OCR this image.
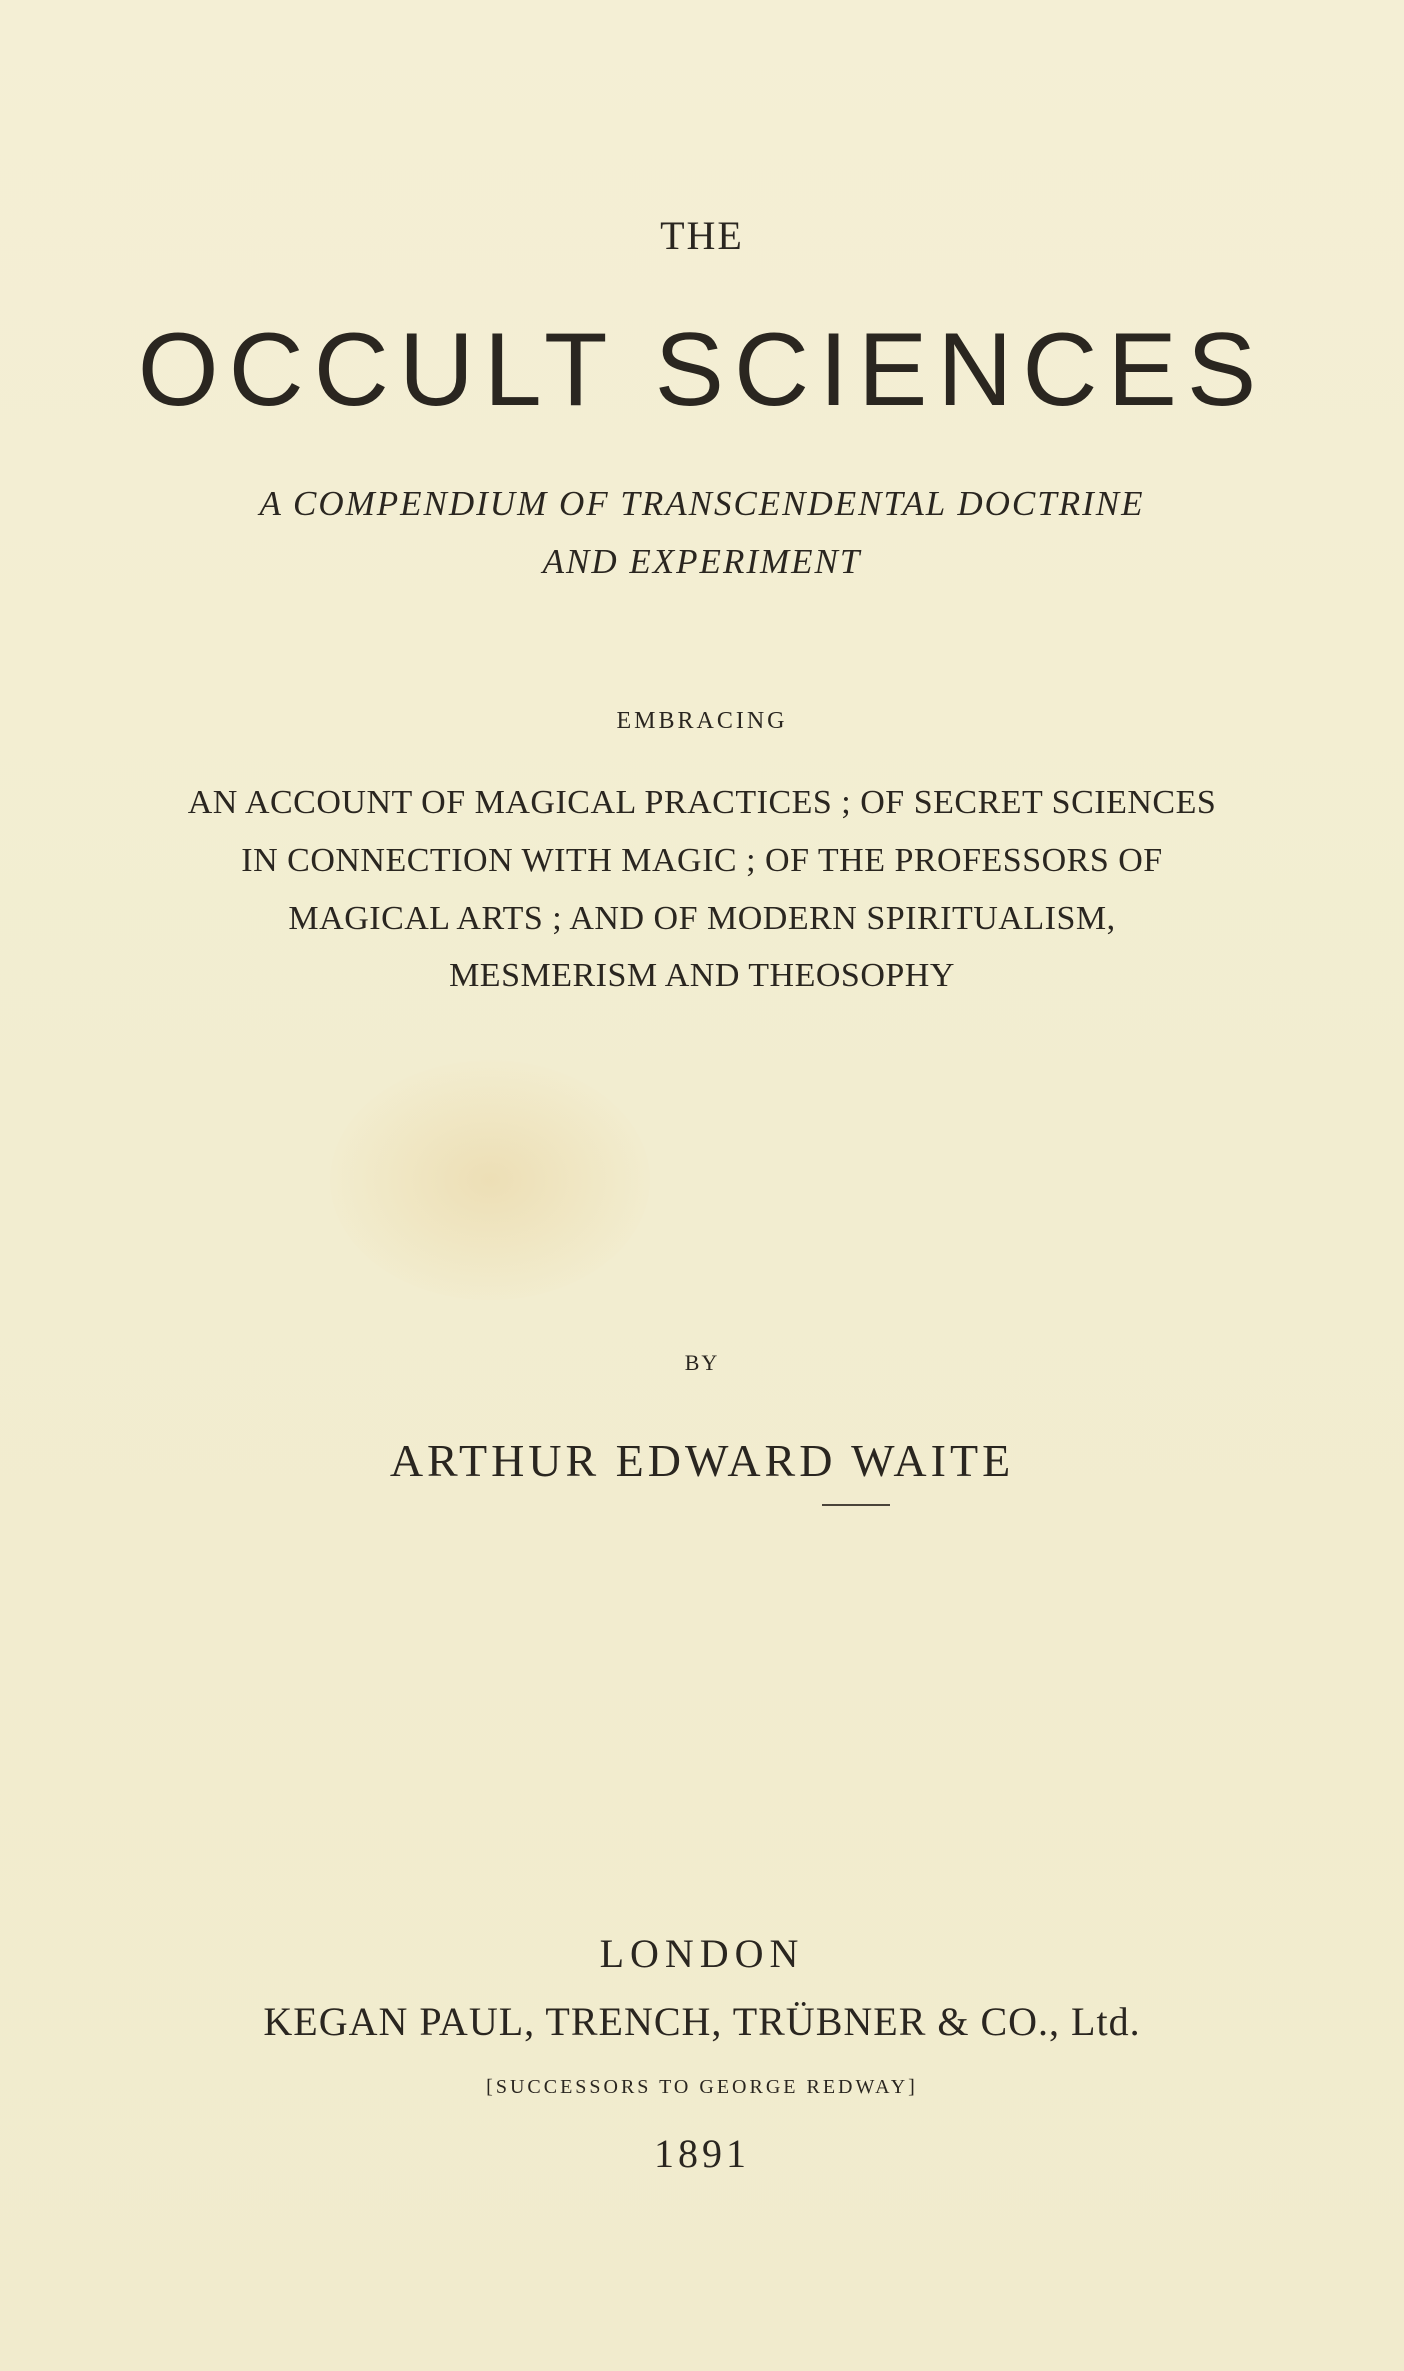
THE
OCCULT SCIENCES
A COMPENDIUM OF TRANSCENDENTAL DOCTRINE
AND EXPERIMENT
EMBRACING
AN ACCOUNT OF MAGICAL PRACTICES ; OF SECRET SCIENCES
IN CONNECTION WITH MAGIC ; OF THE PROFESSORS OF
MAGICAL ARTS ; AND OF MODERN SPIRITUALISM,
MESMERISM AND THEOSOPHY
BY
ARTHUR EDWARD WAITE
LONDON
KEGAN PAUL, TRENCH, TRÜBNER & CO., Ltd.
[SUCCESSORS TO GEORGE REDWAY]
1891
